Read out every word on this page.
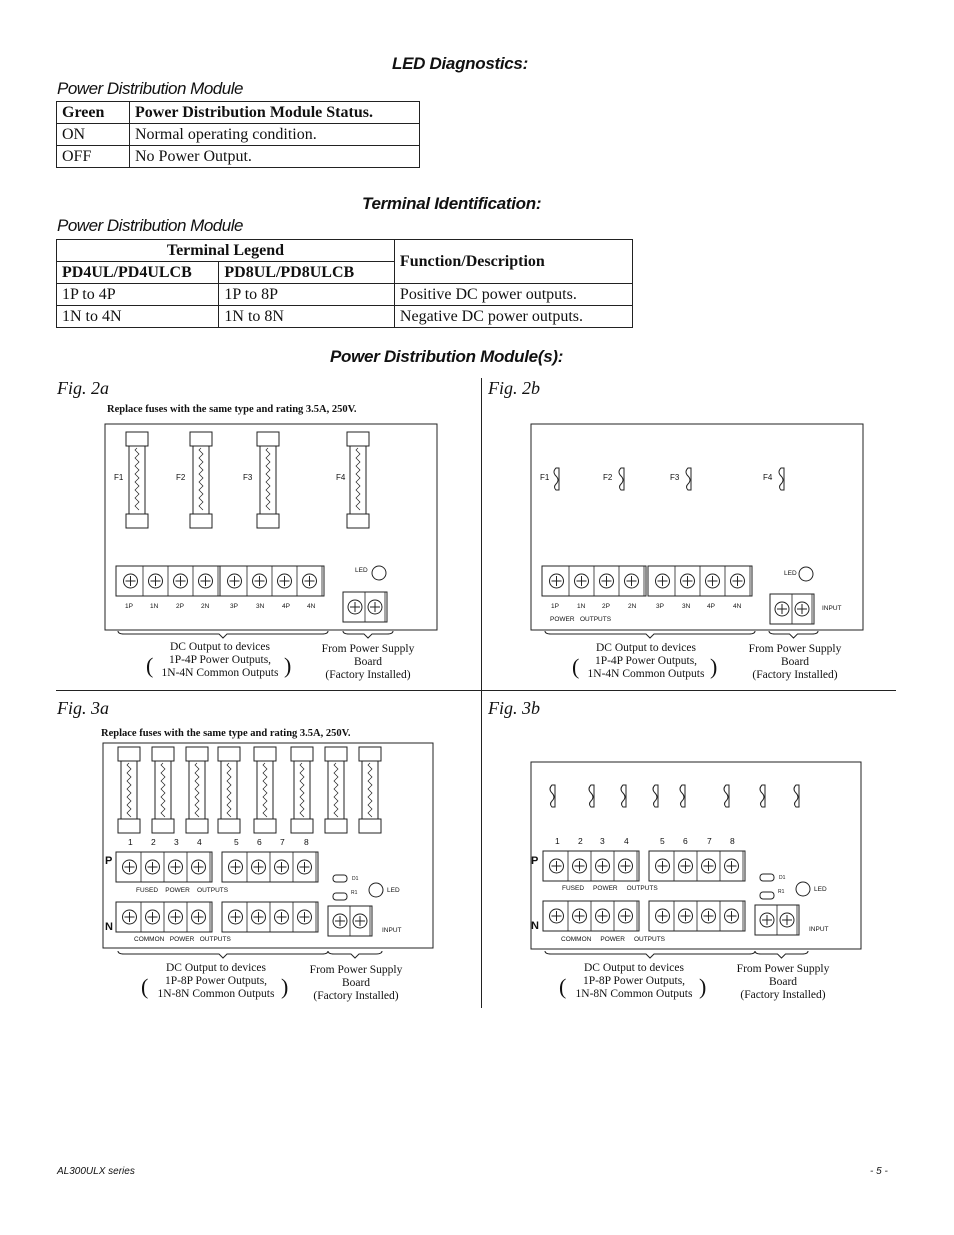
LED Diagnostics:
Power Distribution Module
Green	Power Distribution Module Status.
ON	Normal operating condition.
OFF	No Power Output.
Terminal Identification:
Power Distribution Module
Terminal Legend		Function/Description
PD4UL/PD4ULCB	PD8UL/PD8ULCB	
1P to 4P	1P to 8P	Positive DC power outputs.
1N to 4N	1N to 8N	Negative DC power outputs.
Power Distribution Module(s):
Fig. 2a
Replace fuses with the same type and rating 3.5A, 250V.
F1	F2	F3	F4
LED
1P	1N	2P	2N	3P	3N	4P	4N
DC Output to devices
1P-4P Power Outputs,
1N-4N Common Outputs
(	)
From Power Supply
Board
(Factory Installed)
Fig. 2b
F1	F2	F3	F4
LED
INPUT
POWER   OUTPUTS
1P	1N	2P	2N	3P	3N	4P	4N
DC Output to devices
1P-4P Power Outputs,
1N-4N Common Outputs
(	)
From Power Supply
Board
(Factory Installed)
Fig. 3a
Replace fuses with the same type and rating 3.5A, 250V.
1 2 3 4	5 6 7 8
P
N
FUSED    POWER    OUTPUTS
COMMON   POWER   OUTPUTS
D1
R1	LED
INPUT
DC Output to devices
1P-8P Power Outputs,
1N-8N Common Outputs
(	)
From Power Supply
Board
(Factory Installed)
Fig. 3b
1 2 3 4	5 6 7 8
P
N
FUSED     POWER     OUTPUTS
COMMON     POWER     OUTPUTS
D1
R1	LED
INPUT
DC Output to devices
1P-8P Power Outputs,
1N-8N Common Outputs
(	)
From Power Supply
Board
(Factory Installed)
AL300ULX series	- 5 -
